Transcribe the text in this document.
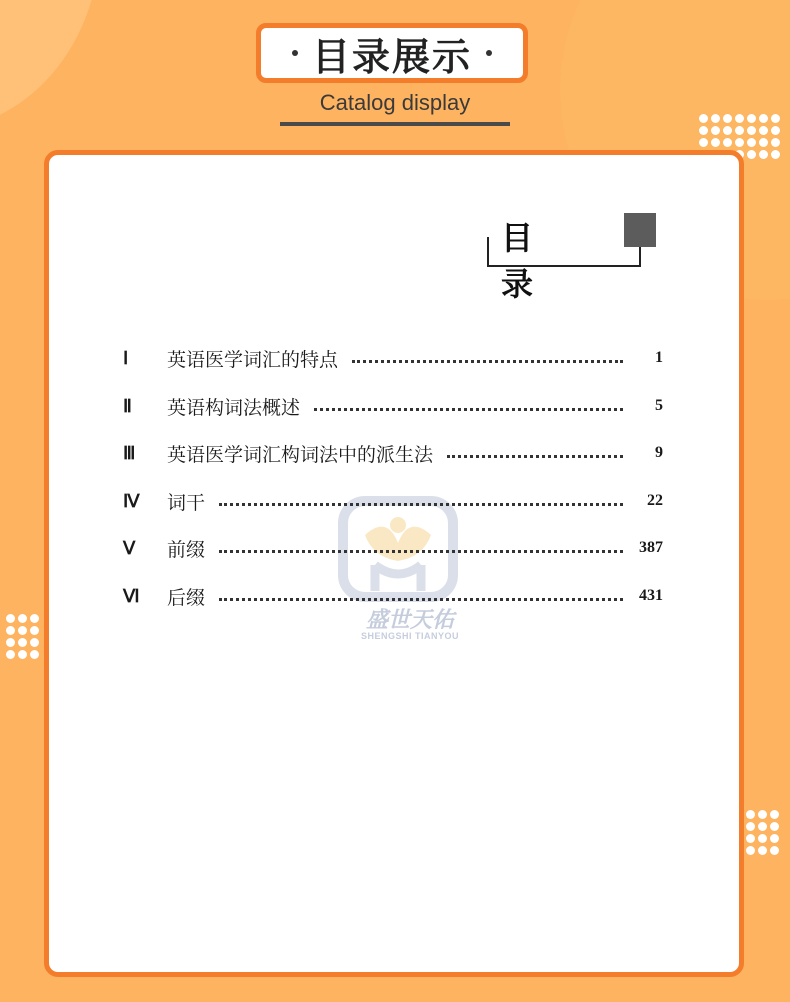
目录展示
Catalog display
目 录
盛世天佑
SHENGSHI TIANYOU
Ⅰ	英语医学词汇的特点	1
Ⅱ	英语构词法概述	5
Ⅲ	英语医学词汇构词法中的派生法	9
Ⅳ	词干	22
Ⅴ	前缀	387
Ⅵ	后缀	431
